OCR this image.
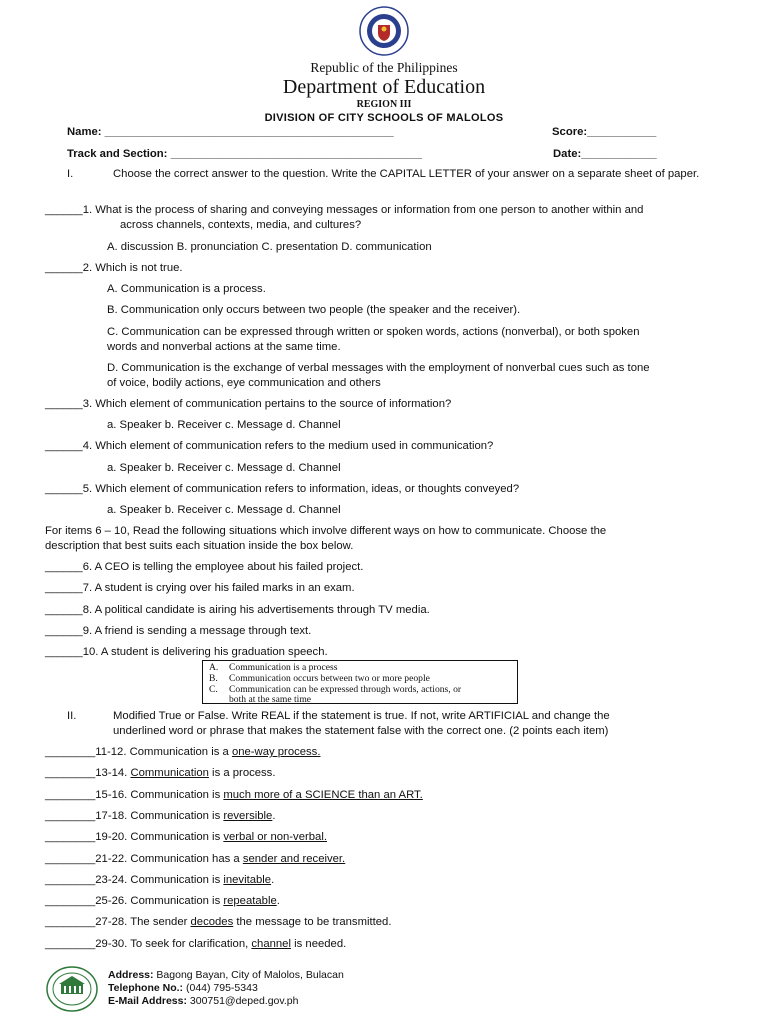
Republic of the Philippines
Department of Education
REGION III
DIVISION OF CITY SCHOOLS OF MALOLOS
Name: ______________________________________________	Score:___________
Track and Section: ________________________________________	Date:____________
I.	Choose the correct answer to the question. Write the CAPITAL LETTER of your answer on a separate sheet of paper.
______1. What is the process of sharing and conveying messages or information from one person to another within and
across channels, contexts, media, and cultures?
A. discussion B. pronunciation C. presentation D. communication
______2. Which is not true.
A. Communication is a process.
B. Communication only occurs between two people (the speaker and the receiver).
C. Communication can be expressed through written or spoken words, actions (nonverbal), or both spoken
words and nonverbal actions at the same time.
D. Communication is the exchange of verbal messages with the employment of nonverbal cues such as tone
of voice, bodily actions, eye communication and others
______3. Which element of communication pertains to the source of information?
a. Speaker b. Receiver c. Message d. Channel
______4. Which element of communication refers to the medium used in communication?
a. Speaker b. Receiver c. Message d. Channel
______5. Which element of communication refers to information, ideas, or thoughts conveyed?
a. Speaker b. Receiver c. Message d. Channel
For items 6 – 10, Read the following situations which involve different ways on how to communicate. Choose the
description that best suits each situation inside the box below.
______6. A CEO is telling the employee about his failed project.
______7. A student is crying over his failed marks in an exam.
______8. A political candidate is airing his advertisements through TV media.
______9. A friend is sending a message through text.
______10. A student is delivering his graduation speech.
A. Communication is a process
B. Communication occurs between two or more people
C. Communication can be expressed through words, actions, or
both at the same time
II.	Modified True or False. Write REAL if the statement is true. If not, write ARTIFICIAL and change the
underlined word or phrase that makes the statement false with the correct one. (2 points each item)
________11-12. Communication is a one-way process.
________13-14. Communication is a process.
________15-16. Communication is much more of a SCIENCE than an ART.
________17-18. Communication is reversible.
________19-20. Communication is verbal or non-verbal.
________21-22. Communication has a sender and receiver.
________23-24. Communication is inevitable.
________25-26. Communication is repeatable.
________27-28. The sender decodes the message to be transmitted.
________29-30. To seek for clarification, channel is needed.
Address: Bagong Bayan, City of Malolos, Bulacan
Telephone No.: (044) 795-5343
E-Mail Address: 300751@deped.gov.ph
